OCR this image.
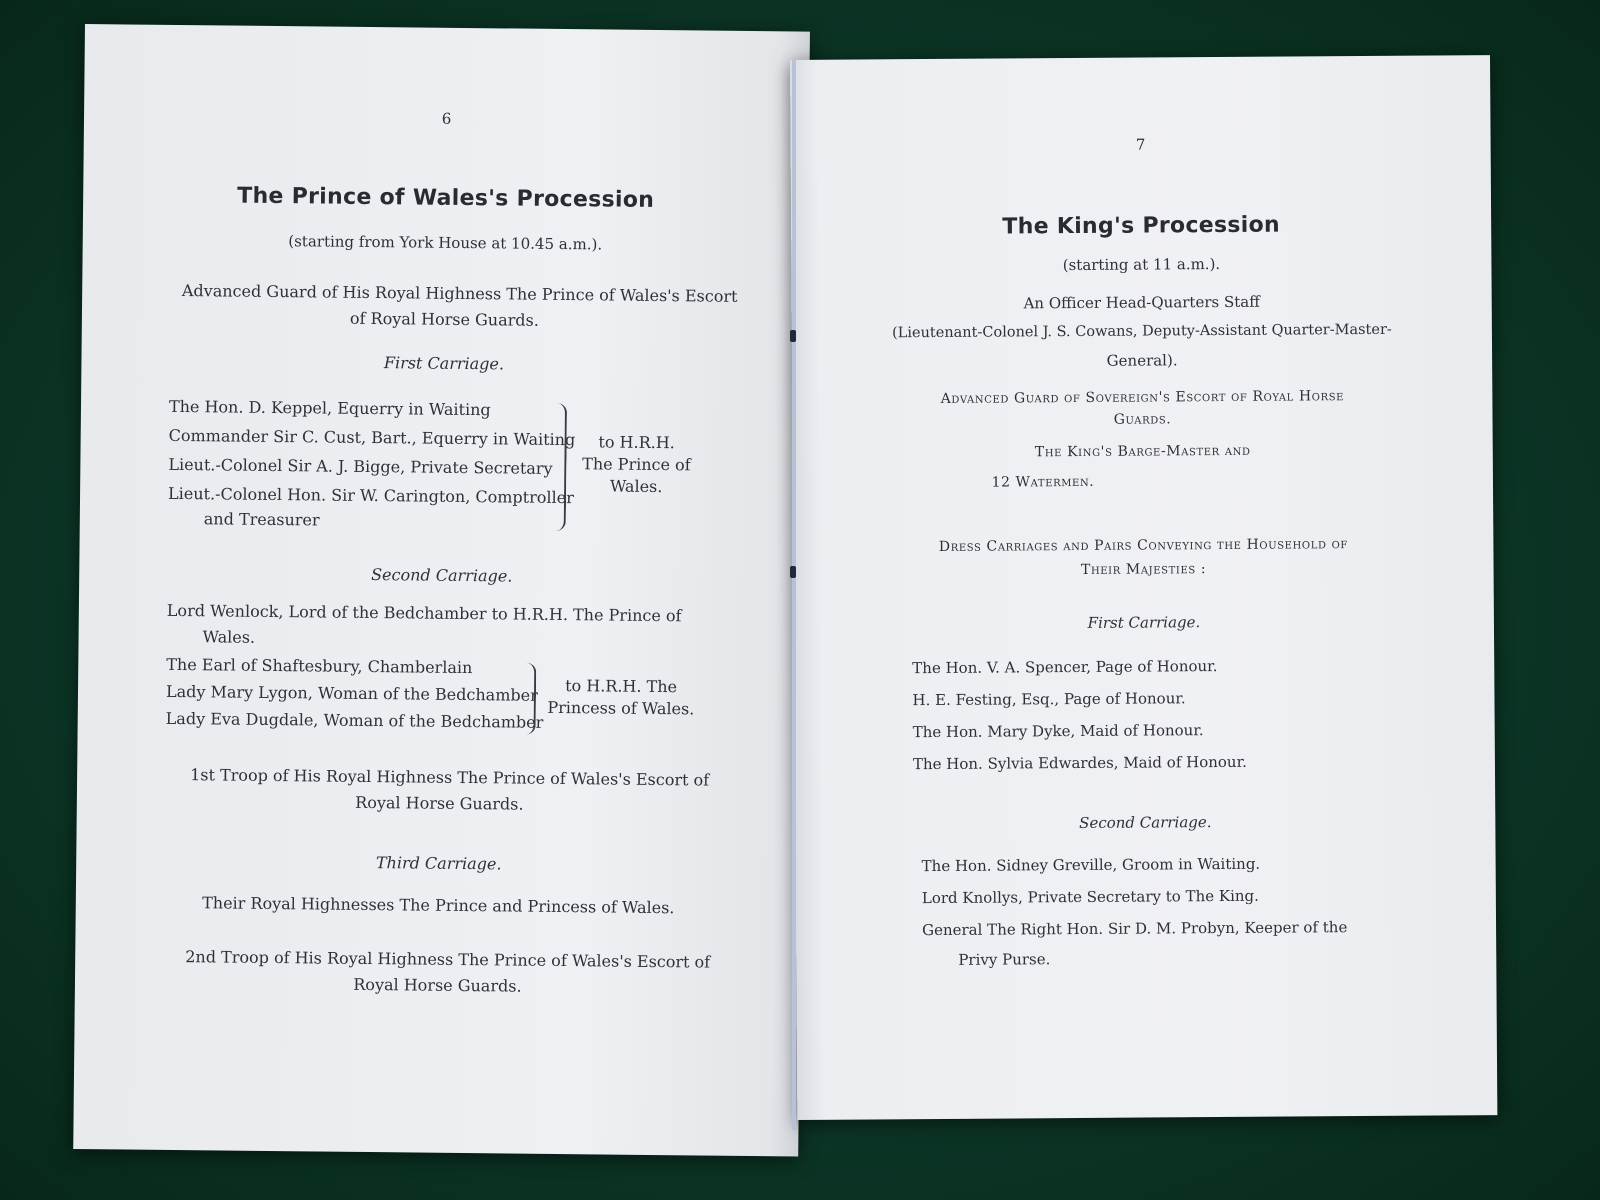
6
The Prince of Wales's Procession
(starting from York House at 10.45 a.m.).
Advanced Guard of His Royal Highness The Prince of Wales's Escort
of Royal Horse Guards.
First Carriage.
The Hon. D. Keppel, Equerry in Waiting
Commander Sir C. Cust, Bart., Equerry in Waiting
Lieut.-Colonel Sir A. J. Bigge, Private Secretary
Lieut.-Colonel Hon. Sir W. Carington, Comptroller
and Treasurer
to H.R.H.
The Prince of
Wales.
Second Carriage.
Lord Wenlock, Lord of the Bedchamber to H.R.H. The Prince of
Wales.
The Earl of Shaftesbury, Chamberlain
Lady Mary Lygon, Woman of the Bedchamber
Lady Eva Dugdale, Woman of the Bedchamber
to H.R.H. The
Princess of Wales.
1st Troop of His Royal Highness The Prince of Wales's Escort of
Royal Horse Guards.
Third Carriage.
Their Royal Highnesses The Prince and Princess of Wales.
2nd Troop of His Royal Highness The Prince of Wales's Escort of
Royal Horse Guards.
7
The King's Procession
(starting at 11 a.m.).
An Officer Head-Quarters Staff
(Lieutenant-Colonel J. S. Cowans, Deputy-Assistant Quarter-Master-
General).
Advanced Guard of Sovereign's Escort of Royal Horse
Guards.
The King's Barge-Master and
12 Watermen.
Dress Carriages and Pairs Conveying the Household of
Their Majesties :
First Carriage.
The Hon. V. A. Spencer, Page of Honour.
H. E. Festing, Esq., Page of Honour.
The Hon. Mary Dyke, Maid of Honour.
The Hon. Sylvia Edwardes, Maid of Honour.
Second Carriage.
The Hon. Sidney Greville, Groom in Waiting.
Lord Knollys, Private Secretary to The King.
General The Right Hon. Sir D. M. Probyn, Keeper of the
Privy Purse.
